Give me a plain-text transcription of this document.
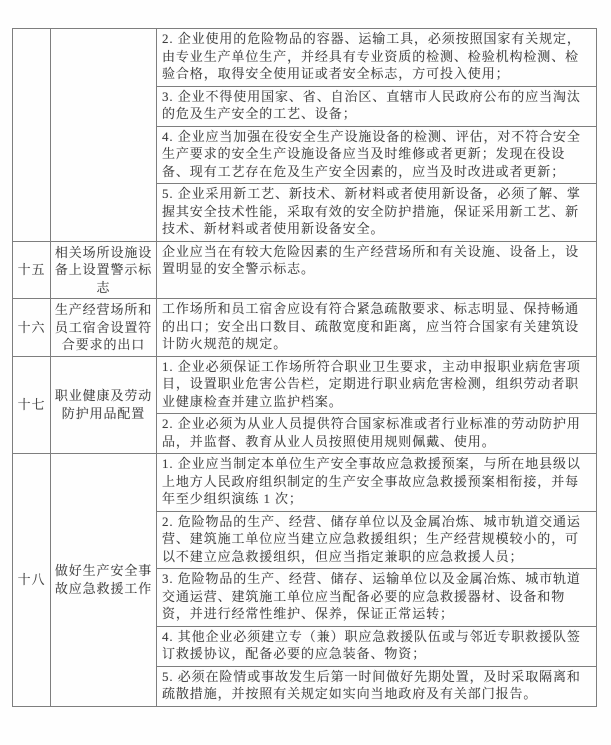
		2. 企业使用的危险物品的容器、运输工具，必须按照国家有关规定，由专业生产单位生产，并经具有专业资质的检测、检验机构检测、检验合格，取得安全使用证或者安全标志，方可投入使用；
3. 企业不得使用国家、省、自治区、直辖市人民政府公布的应当淘汰的危及生产安全的工艺、设备；
4. 企业应当加强在役安全生产设施设备的检测、评估，对不符合安全生产要求的安全生产设施设备应当及时维修或者更新；发现在役设备、现有工艺存在危及生产安全因素的，应当及时改进或者更新；
5. 企业采用新工艺、新技术、新材料或者使用新设备，必须了解、掌握其安全技术性能，采取有效的安全防护措施，保证采用新工艺、新技术、新材料或者使用新设备安全。

十五	相关场所设施设备上设置警示标志	企业应当在有较大危险因素的生产经营场所和有关设施、设备上，设置明显的安全警示标志。

十六	生产经营场所和员工宿舍设置符合要求的出口	工作场所和员工宿舍应设有符合紧急疏散要求、标志明显、保持畅通的出口；安全出口数目、疏散宽度和距离，应当符合国家有关建筑设计防火规范的规定。

十七	职业健康及劳动防护用品配置	1. 企业必须保证工作场所符合职业卫生要求，主动申报职业病危害项目，设置职业危害公告栏，定期进行职业病危害检测，组织劳动者职业健康检查并建立监护档案。
2. 企业必须为从业人员提供符合国家标准或者行业标准的劳动防护用品，并监督、教育从业人员按照使用规则佩戴、使用。

十八	做好生产安全事故应急救援工作	1. 企业应当制定本单位生产安全事故应急救援预案，与所在地县级以上地方人民政府组织制定的生产安全事故应急救援预案相衔接，并每年至少组织演练 1 次；
2. 危险物品的生产、经营、储存单位以及金属冶炼、城市轨道交通运营、建筑施工单位应当建立应急救援组织；生产经营规模较小的，可以不建立应急救援组织，但应当指定兼职的应急救援人员；
3. 危险物品的生产、经营、储存、运输单位以及金属冶炼、城市轨道交通运营、建筑施工单位应当配备必要的应急救援器材、设备和物资，并进行经常性维护、保养，保证正常运转；
4. 其他企业必须建立专（兼）职应急救援队伍或与邻近专职救援队签订救援协议，配备必要的应急装备、物资；
5. 必须在险情或事故发生后第一时间做好先期处置，及时采取隔离和疏散措施，并按照有关规定如实向当地政府及有关部门报告。
